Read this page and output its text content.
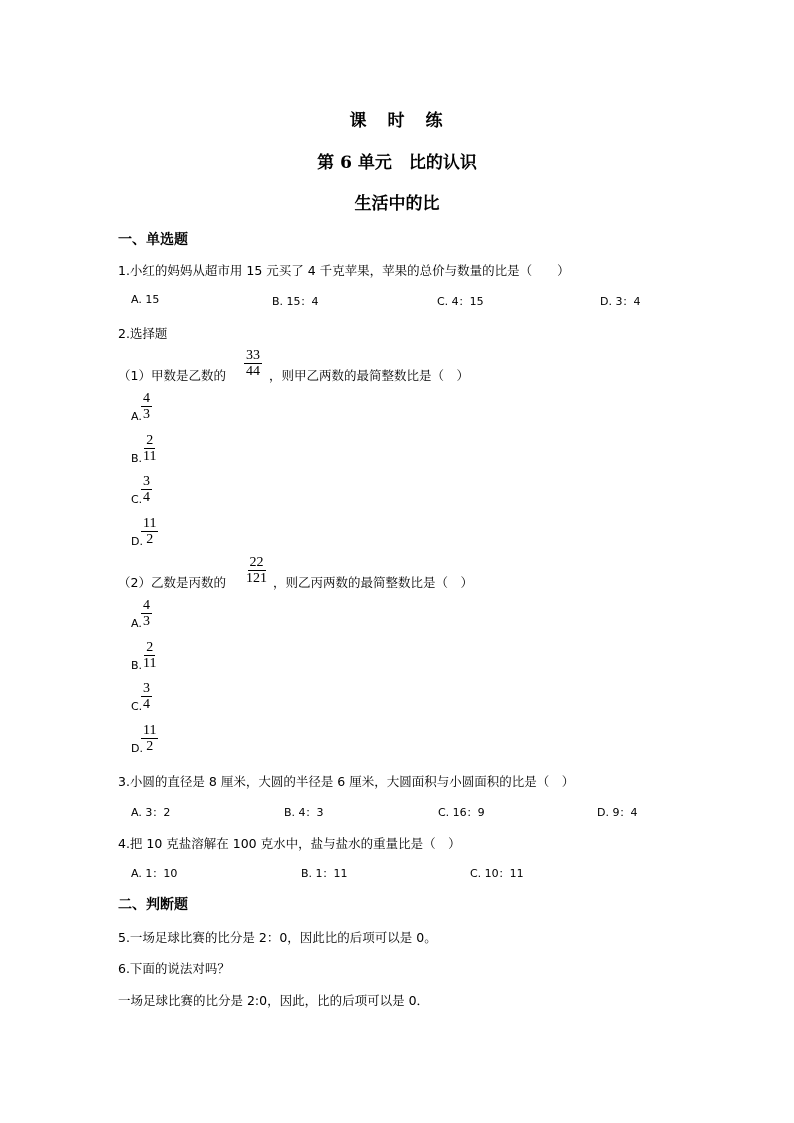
课　时　练
第 6 单元　比的认识
生活中的比
一、单选题
1.小红的妈妈从超市用 15 元买了 4 千克苹果，苹果的总价与数量的比是（　　）
A. 15	B. 15：4	C. 4：15	D. 3：4
2.选择题
（1）甲数是乙数的 $\frac{33}{44}$ ，则甲乙两数的最简整数比是（　）
A. $\frac{4}{3}$
B.
$\frac{2}{11}$
C.
$\frac{3}{4}$
D.
$\frac{11}{2}$
（2）乙数是丙数的 $\frac{22}{121}$ ，则乙丙两数的最简整数比是（　）
A. $\frac{4}{3}$
B.
$\frac{2}{11}$
C.
$\frac{3}{4}$
D.
$\frac{11}{2}$
3.小圆的直径是 8 厘米，大圆的半径是 6 厘米，大圆面积与小圆面积的比是（　）
A. 3：2	B. 4：3	C. 16：9	D. 9：4
4.把 10 克盐溶解在 100 克水中，盐与盐水的重量比是（　）
A. 1：10	B. 1：11	C. 10：11
二、判断题
5.一场足球比赛的比分是 2：0，因此比的后项可以是 0。
6.下面的说法对吗？
一场足球比赛的比分是 2:0，因此，比的后项可以是 0．
